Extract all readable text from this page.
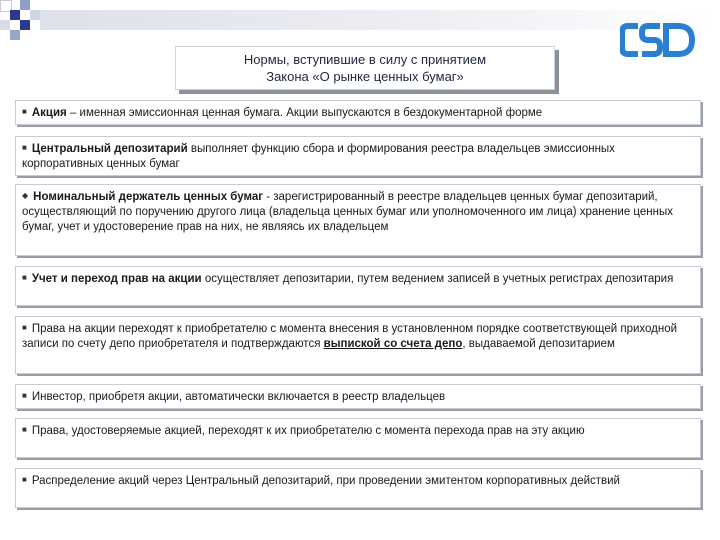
Нормы, вступившие в силу с принятием
Закона «О рынке ценных бумаг»
■ Акция – именная эмиссионная ценная бумага. Акции выпускаются в бездокументарной форме
■ Центральный депозитарий выполняет функцию сбора и формирования реестра владельцев эмиссионных корпоративных ценных бумаг
◆ Номинальный держатель ценных бумаг - зарегистрированный в реестре владельцев ценных бумаг депозитарий, осуществляющий по поручению другого лица (владельца ценных бумаг или уполномоченного им лица) хранение ценных бумаг, учет и удостоверение прав на них, не являясь их владельцем
■ Учет и переход прав на акции осуществляет депозитарии, путем ведением записей в учетных регистрах депозитария
■ Права на акции переходят к приобретателю с момента внесения в установленном порядке соответствующей приходной записи по счету депо приобретателя и подтверждаются выпиской со счета депо, выдаваемой депозитарием
■ Инвестор, приобретя акции, автоматически включается в реестр владельцев
■ Права, удостоверяемые акцией, переходят к их приобретателю с момента перехода прав на эту акцию
■ Распределение акций через Центральный депозитарий, при проведении эмитентом корпоративных действий
